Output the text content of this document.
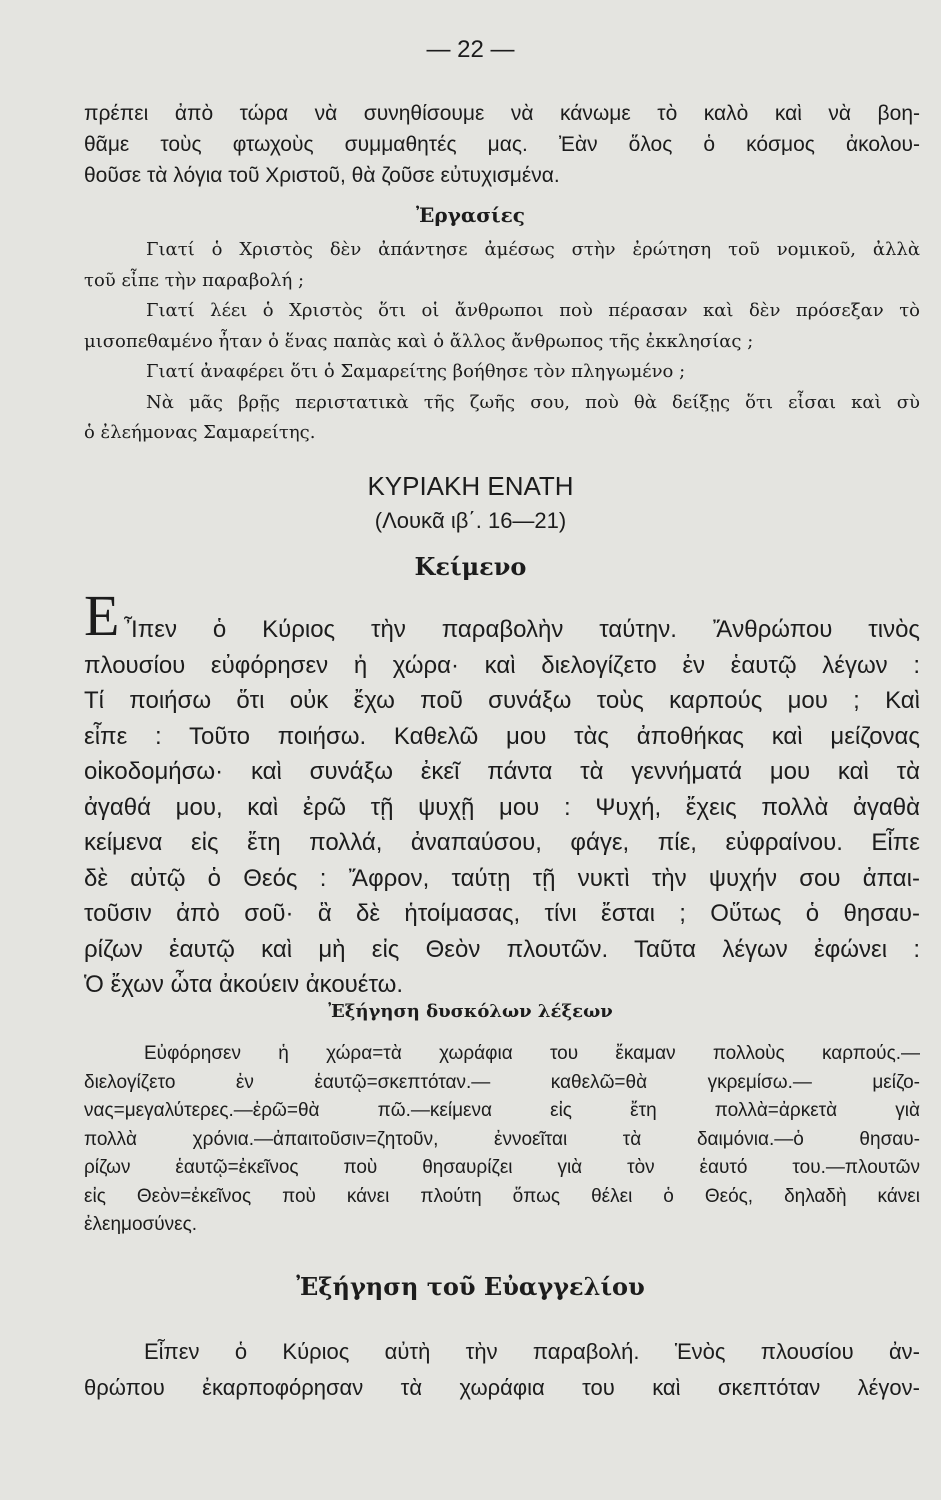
— 22 —
πρέπει ἀπὸ τώρα νὰ συνηθίσουμε νὰ κάνωμε τὸ καλὸ καὶ νὰ βοη-
θᾶμε τοὺς φτωχοὺς συμμαθητές μας. Ἐὰν ὅλος ὁ κόσμος ἀκολου-
θοῦσε τὰ λόγια τοῦ Χριστοῦ, θὰ ζοῦσε εὐτυχισμένα.
Ἐργασίες
Γιατί ὁ Χριστὸς δὲν ἀπάντησε ἀμέσως στὴν ἐρώτηση τοῦ νομικοῦ, ἀλλὰ
τοῦ εἶπε τὴν παραβολή ;
Γιατί λέει ὁ Χριστὸς ὅτι οἱ ἄνθρωποι ποὺ πέρασαν καὶ δὲν πρόσεξαν τὸ
μισοπεθαμένο ἦταν ὁ ἕνας παπὰς καὶ ὁ ἄλλος ἄνθρωπος τῆς ἐκκλησίας ;
Γιατί ἀναφέρει ὅτι ὁ Σαμαρείτης βοήθησε τὸν πληγωμένο ;
Νὰ μᾶς βρῇς περιστατικὰ τῆς ζωῆς σου, ποὺ θὰ δείξῃς ὅτι εἶσαι καὶ σὺ
ὁ ἐλεήμονας Σαμαρείτης.
ΚΥΡΙΑΚΗ ΕΝΑΤΗ
(Λουκᾶ ιβ΄. 16—21)
Κείμενο
Ε Ἶπεν ὁ Κύριος τὴν παραβολὴν ταύτην. Ἄνθρώπου τινὸς
πλουσίου εὐφόρησεν ἡ χώρα· καὶ διελογίζετο ἐν ἑαυτῷ λέγων :
Τί ποιήσω ὅτι οὐκ ἔχω ποῦ συνάξω τοὺς καρπούς μου ; Καὶ
εἶπε : Τοῦτο ποιήσω. Καθελῶ μου τὰς ἀποθήκας καὶ μείζονας
οἰκοδομήσω· καὶ συνάξω ἐκεῖ πάντα τὰ γεννήματά μου καὶ τὰ
ἀγαθά μου, καὶ ἐρῶ τῇ ψυχῇ μου : Ψυχή, ἔχεις πολλὰ ἀγαθὰ
κείμενα εἰς ἔτη πολλά, ἀναπαύσου, φάγε, πίε, εὐφραίνου. Εἶπε
δὲ αὐτῷ ὁ Θεός : Ἄφρον, ταύτῃ τῇ νυκτὶ τὴν ψυχήν σου ἀπαι-
τοῦσιν ἀπὸ σοῦ· ἃ δὲ ἡτοίμασας, τίνι ἔσται ; Οὕτως ὁ θησαυ-
ρίζων ἑαυτῷ καὶ μὴ εἰς Θεὸν πλουτῶν. Ταῦτα λέγων ἐφώνει :
Ὁ ἔχων ὦτα ἀκούειν ἀκουέτω.
Ἐξήγηση δυσκόλων λέξεων
Εὐφόρησεν ἡ χώρα=τὰ χωράφια του ἔκαμαν πολλοὺς καρπούς.—
διελογίζετο ἐν ἑαυτῷ=σκεπτόταν.— καθελῶ=θὰ γκρεμίσω.— μείζο-
νας=μεγαλύτερες.—ἐρῶ=θὰ πῶ.—κείμενα εἰς ἔτη πολλὰ=ἀρκετὰ γιὰ
πολλὰ χρόνια.—ἀπαιτοῦσιν=ζητοῦν, ἐννοεῖται τὰ δαιμόνια.—ὁ θησαυ-
ρίζων ἑαυτῷ=ἐκεῖνος ποὺ θησαυρίζει γιὰ τὸν ἑαυτό του.—πλουτῶν
εἰς Θεὸν=ἐκεῖνος ποὺ κάνει πλούτη ὅπως θέλει ὁ Θεός, δηλαδὴ κάνει
ἐλεημοσύνες.
Ἐξήγηση τοῦ Εὐαγγελίου
Εἶπεν ὁ Κύριος αὐτὴ τὴν παραβολή. Ἑνὸς πλουσίου ἀν-
θρώπου ἐκαρποφόρησαν τὰ χωράφια του καὶ σκεπτόταν λέγον-
